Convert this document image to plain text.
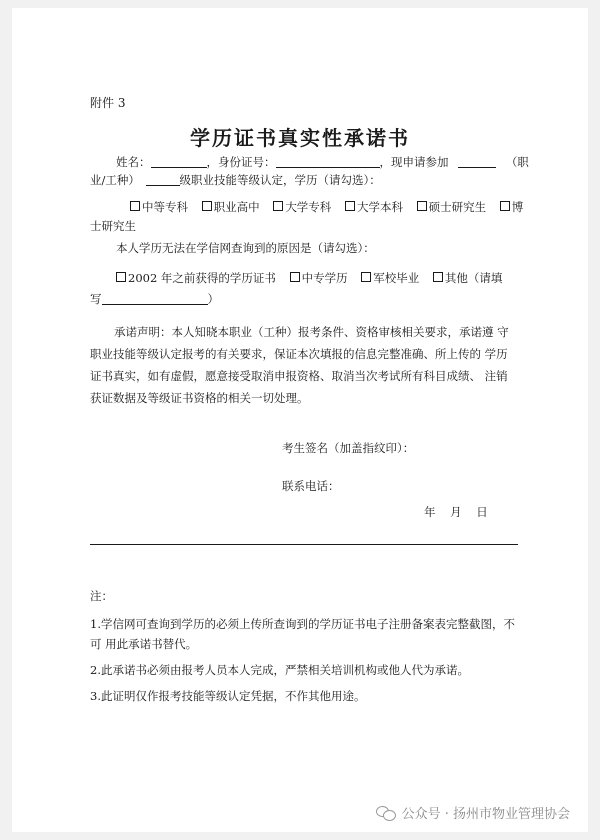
附件 3
学历证书真实性承诺书
姓名：	，身份证号：	，现申请参加	（职
业/工种）	级职业技能等级认定，学历（请勾选）：
中等专科 职业高中 大学专科 大学本科 硕士研究生 博
士研究生
本人学历无法在学信网查询到的原因是（请勾选）：
2002 年之前获得的学历证书 中专学历 军校毕业 其他（请填
写	）
承诺声明：本人知晓本职业（工种）报考条件、资格审核相关要求，承诺遵 守职业技能等级认定报考的有关要求，保证本次填报的信息完整准确、所上传的 学历证书真实，如有虚假，愿意接受取消申报资格、取消当次考试所有科目成绩、 注销获证数据及等级证书资格的相关一切处理。
考生签名（加盖指纹印）：
联系电话：
年    月    日
注：
1.学信网可查询到学历的必须上传所查询到的学历证书电子注册备案表完整截图，不可 用此承诺书替代。
2.此承诺书必须由报考人员本人完成，严禁相关培训机构或他人代为承诺。
3.此证明仅作报考技能等级认定凭据，不作其他用途。
公众号 · 扬州市物业管理协会
